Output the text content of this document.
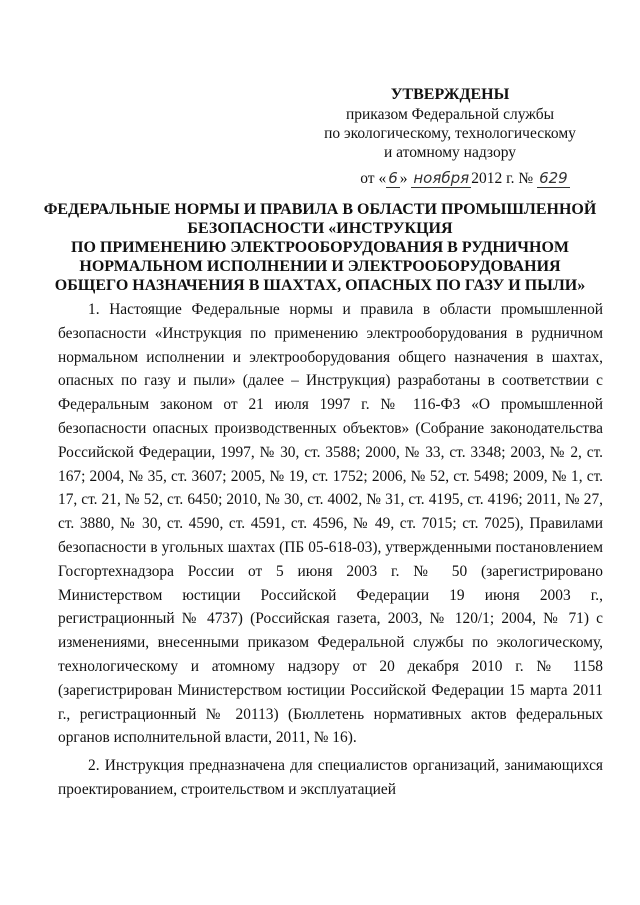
УТВЕРЖДЕНЫ
приказом Федеральной службы
по экологическому, технологическому
и атомному надзору
от « 6 » ноября 2012 г. № 629
ФЕДЕРАЛЬНЫЕ НОРМЫ И ПРАВИЛА В ОБЛАСТИ ПРОМЫШЛЕННОЙ
БЕЗОПАСНОСТИ «ИНСТРУКЦИЯ
ПО ПРИМЕНЕНИЮ ЭЛЕКТРООБОРУДОВАНИЯ В РУДНИЧНОМ
НОРМАЛЬНОМ ИСПОЛНЕНИИ И ЭЛЕКТРООБОРУДОВАНИЯ
ОБЩЕГО НАЗНАЧЕНИЯ В ШАХТАХ, ОПАСНЫХ ПО ГАЗУ И ПЫЛИ»

1. Настоящие Федеральные нормы и правила в области промышленной безопасности «Инструкция по применению электрооборудования в рудничном нормальном исполнении и электрооборудования общего назначения в шахтах, опасных по газу и пыли» (далее – Инструкция) разработаны в соответствии с Федеральным законом от 21 июля 1997 г. № 116-ФЗ «О промышленной безопасности опасных производственных объектов» (Собрание законодательства Российской Федерации, 1997, № 30, ст. 3588; 2000, № 33, ст. 3348; 2003, № 2, ст. 167; 2004, № 35, ст. 3607; 2005, № 19, ст. 1752; 2006, № 52, ст. 5498; 2009, № 1, ст. 17, ст. 21, № 52, ст. 6450; 2010, № 30, ст. 4002, № 31, ст. 4195, ст. 4196; 2011, № 27, ст. 3880, № 30, ст. 4590, ст. 4591, ст. 4596, № 49, ст. 7015; ст. 7025), Правилами безопасности в угольных шахтах (ПБ 05-618-03), утвержденными постановлением Госгортехнадзора России от 5 июня 2003 г. № 50 (зарегистрировано Министерством юстиции Российской Федерации 19 июня 2003 г., регистрационный № 4737) (Российская газета, 2003, № 120/1; 2004, № 71) с изменениями, внесенными приказом Федеральной службы по экологическому, технологическому и атомному надзору от 20 декабря 2010 г. № 1158 (зарегистрирован Министерством юстиции Российской Федерации 15 марта 2011 г., регистрационный № 20113) (Бюллетень нормативных актов федеральных органов исполнительной власти, 2011, № 16).

2. Инструкция предназначена для специалистов организаций, занимающихся проектированием, строительством и эксплуатацией
